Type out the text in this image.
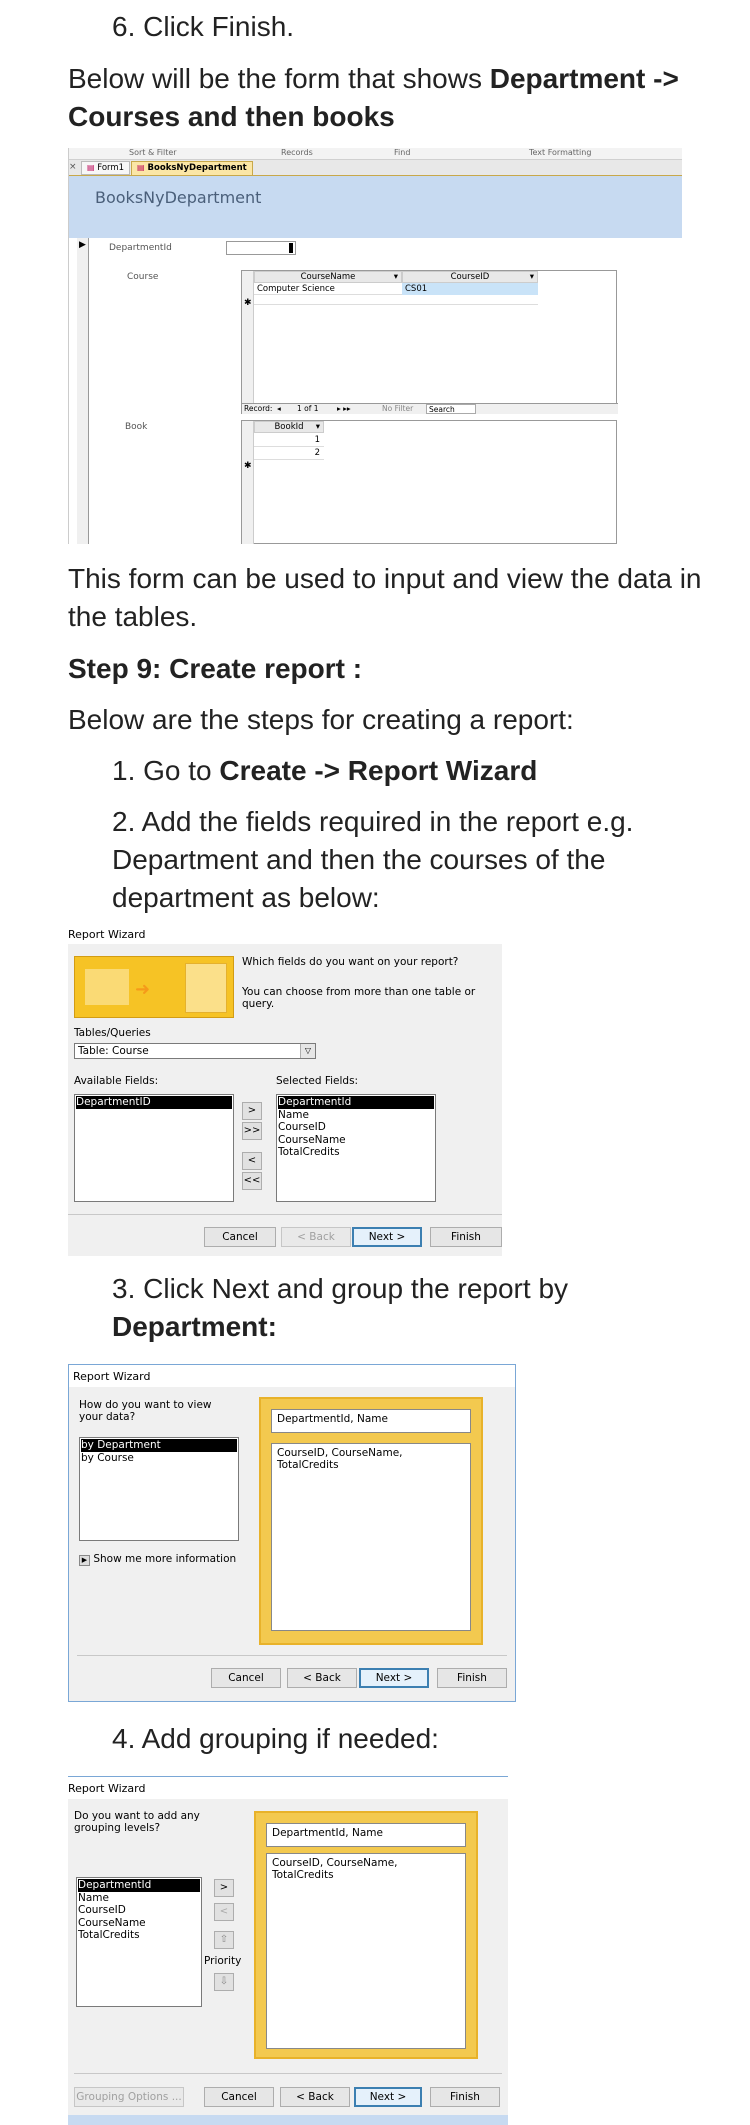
6. Click Finish.
Below will be the form that shows Department -> Courses and then books
Sort & Filter	Records	Find	Text Formatting
×	▤ Form1	▤ BooksNyDepartment
BooksNyDepartment
▶	DepartmentId
Course
✱
CourseName	▾	CourseID	▾
Computer Science	CS01
Record: ◂ 1 of 1 ▸ ▸▸	No Filter	Search
Book
✱
BookId ▾
1
2
This form can be used to input and view the data in the tables.
Step 9: Create report :
Below are the steps for creating a report:
1. Go to Create -> Report Wizard
2. Add the fields required in the report e.g. Department and then the courses of the department as below:
Report Wizard
➜
Which fields do you want on your report?
You can choose from more than one table or query.
Tables/Queries
Table: Course	▽
Available Fields:
DepartmentID
>
>>
<
<<
Selected Fields:
DepartmentId
Name
CourseID
CourseName
TotalCredits
Cancel	< Back	Next >	Finish
3. Click Next and group the report by Department:
Report Wizard
How do you want to view your data?
by Department
by Course
▶ Show me more information
DepartmentId, Name
CourseID, CourseName, TotalCredits
Cancel	< Back	Next >	Finish
4. Add grouping if needed:
Report Wizard
Do you want to add any grouping levels?
DepartmentId
Name
CourseID
CourseName
TotalCredits
>
<
⇧
Priority
⇩
DepartmentId, Name
CourseID, CourseName, TotalCredits
Grouping Options ...	Cancel	< Back	Next >	Finish
